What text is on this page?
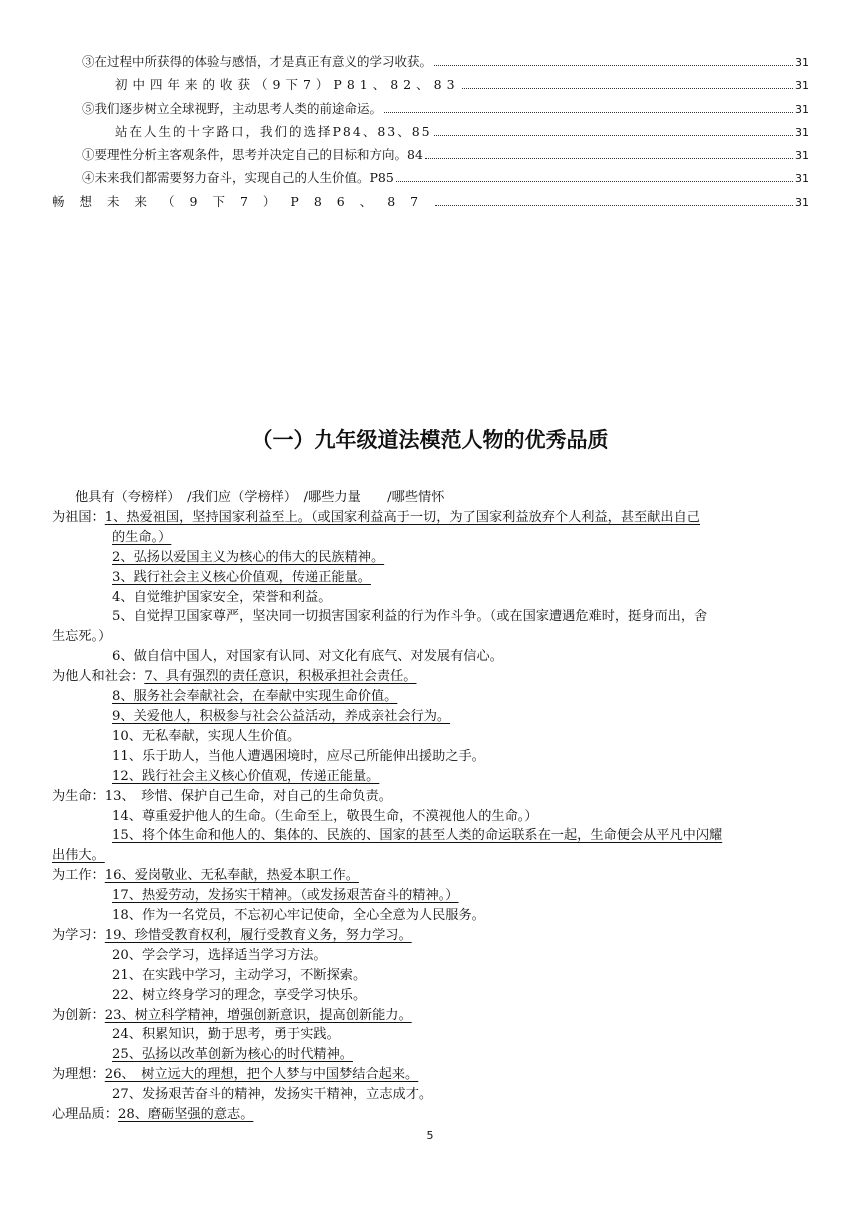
③在过程中所获得的体验与感悟，才是真正有意义的学习收获。	31
初中四年来的收获（9下7）P81、82、83	31
⑤我们逐步树立全球视野，主动思考人类的前途命运。	31
站在人生的十字路口，我们的选择P84、83、85	31
①要理性分析主客观条件，思考并决定自己的目标和方向。84	31
④未来我们都需要努力奋斗，实现自己的人生价值。P85	31
畅想未来（9下7）P86、87	31
（一）九年级道法模范人物的优秀品质
他具有（夸榜样）　/我们应（学榜样）　/哪些力量　　/哪些情怀
为祖国：1、热爱祖国，坚持国家利益至上。（或国家利益高于一切，为了国家利益放弃个人利益，甚至献出自己
的生命。）
2、弘扬以爱国主义为核心的伟大的民族精神。
3、践行社会主义核心价值观，传递正能量。
4、自觉维护国家安全，荣誉和利益。
5、自觉捍卫国家尊严，坚决同一切损害国家利益的行为作斗争。（或在国家遭遇危难时，挺身而出，舍
生忘死。）
6、做自信中国人，对国家有认同、对文化有底气、对发展有信心。
为他人和社会：7、具有强烈的责任意识，积极承担社会责任。
8、服务社会奉献社会，在奉献中实现生命价值。
9、关爱他人，积极参与社会公益活动，养成亲社会行为。
10、无私奉献，实现人生价值。
11、乐于助人，当他人遭遇困境时，应尽己所能伸出援助之手。
12、践行社会主义核心价值观，传递正能量。
为生命：13、　珍惜、保护自己生命，对自己的生命负责。
14、尊重爱护他人的生命。（生命至上，敬畏生命，不漠视他人的生命。）
15、将个体生命和他人的、集体的、民族的、国家的甚至人类的命运联系在一起，生命便会从平凡中闪耀
出伟大。
为工作：16、爱岗敬业、无私奉献，热爱本职工作。
17、热爱劳动，发扬实干精神。（或发扬艰苦奋斗的精神。）
18、作为一名党员，不忘初心牢记使命，全心全意为人民服务。
为学习：19、珍惜受教育权利，履行受教育义务，努力学习。
20、学会学习，选择适当学习方法。
21、在实践中学习，主动学习，不断探索。
22、树立终身学习的理念，享受学习快乐。
为创新：23、树立科学精神，增强创新意识，提高创新能力。
24、积累知识，勤于思考，勇于实践。
25、弘扬以改革创新为核心的时代精神。
为理想：26、　树立远大的理想，把个人梦与中国梦结合起来。
27、发扬艰苦奋斗的精神，发扬实干精神，立志成才。
心理品质：28、磨砺坚强的意志。
5
